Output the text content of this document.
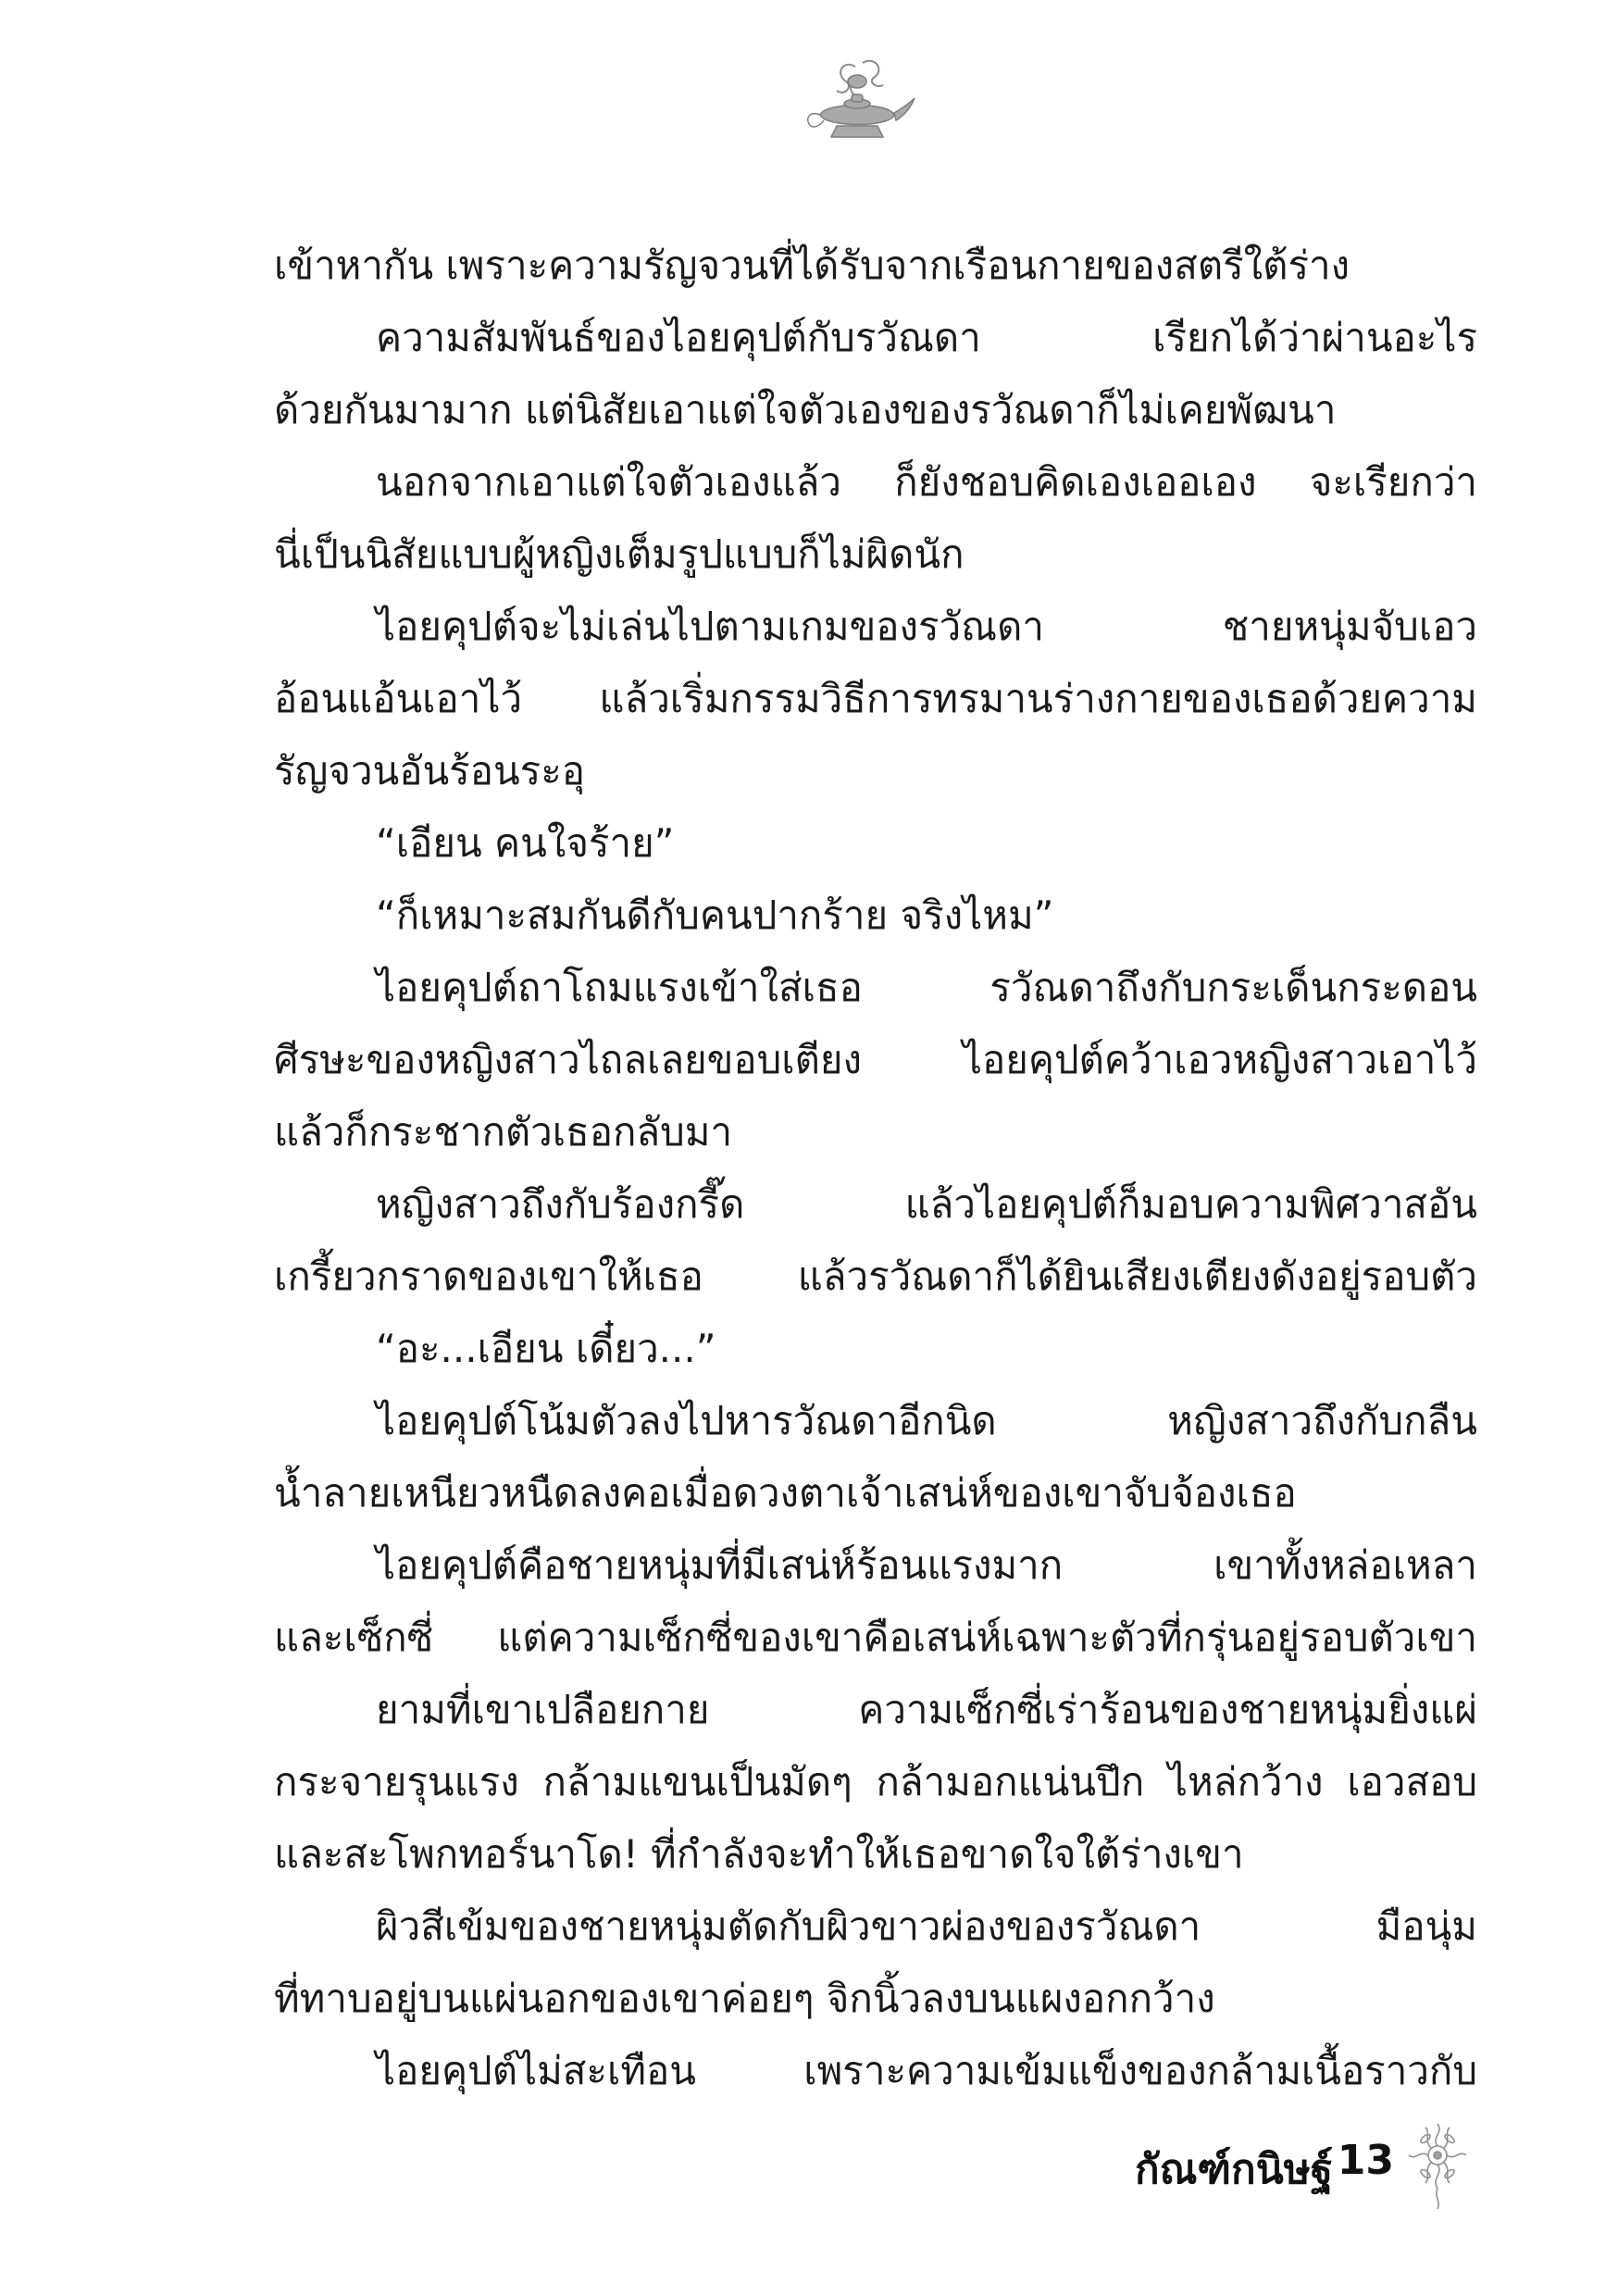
เข้าหากัน เพราะความรัญจวนที่ได้รับจากเรือนกายของสตรีใต้ร่าง
ความสัมพันธ์ของไอยคุปต์กับรวัณดา เรียกได้ว่าผ่านอะไร
ด้วยกันมามาก แต่นิสัยเอาแต่ใจตัวเองของรวัณดาก็ไม่เคยพัฒนา
นอกจากเอาแต่ใจตัวเองแล้ว ก็ยังชอบคิดเองเออเอง จะเรียกว่า
นี่เป็นนิสัยแบบผู้หญิงเต็มรูปแบบก็ไม่ผิดนัก
ไอยคุปต์จะไม่เล่นไปตามเกมของรวัณดา ชายหนุ่มจับเอว
อ้อนแอ้นเอาไว้ แล้วเริ่มกรรมวิธีการทรมานร่างกายของเธอด้วยความ
รัญจวนอันร้อนระอุ
“เอียน คนใจร้าย”
“ก็เหมาะสมกันดีกับคนปากร้าย จริงไหม”
ไอยคุปต์ถาโถมแรงเข้าใส่เธอ รวัณดาถึงกับกระเด็นกระดอน
ศีรษะของหญิงสาวไถลเลยขอบเตียง ไอยคุปต์คว้าเอวหญิงสาวเอาไว้
แล้วก็กระชากตัวเธอกลับมา
หญิงสาวถึงกับร้องกรี๊ด แล้วไอยคุปต์ก็มอบความพิศวาสอัน
เกรี้ยวกราดของเขาให้เธอ แล้วรวัณดาก็ได้ยินเสียงเตียงดังอยู่รอบตัว
“อะ...เอียน เดี๋ยว...”
ไอยคุปต์โน้มตัวลงไปหารวัณดาอีกนิด หญิงสาวถึงกับกลืน
น้ำลายเหนียวหนืดลงคอเมื่อดวงตาเจ้าเสน่ห์ของเขาจับจ้องเธอ
ไอยคุปต์คือชายหนุ่มที่มีเสน่ห์ร้อนแรงมาก เขาทั้งหล่อเหลา
และเซ็กซี่ แต่ความเซ็กซี่ของเขาคือเสน่ห์เฉพาะตัวที่กรุ่นอยู่รอบตัวเขา
ยามที่เขาเปลือยกาย ความเซ็กซี่เร่าร้อนของชายหนุ่มยิ่งแผ่
กระจายรุนแรง กล้ามแขนเป็นมัดๆ กล้ามอกแน่นปึก ไหล่กว้าง เอวสอบ
และสะโพกทอร์นาโด! ที่กำลังจะทำให้เธอขาดใจใต้ร่างเขา
ผิวสีเข้มของชายหนุ่มตัดกับผิวขาวผ่องของรวัณดา มือนุ่ม
ที่ทาบอยู่บนแผ่นอกของเขาค่อยๆ จิกนิ้วลงบนแผงอกกว้าง
ไอยคุปต์ไม่สะเทือน เพราะความเข้มแข็งของกล้ามเนื้อราวกับ
กัณฑ์กนิษฐ์ 13
